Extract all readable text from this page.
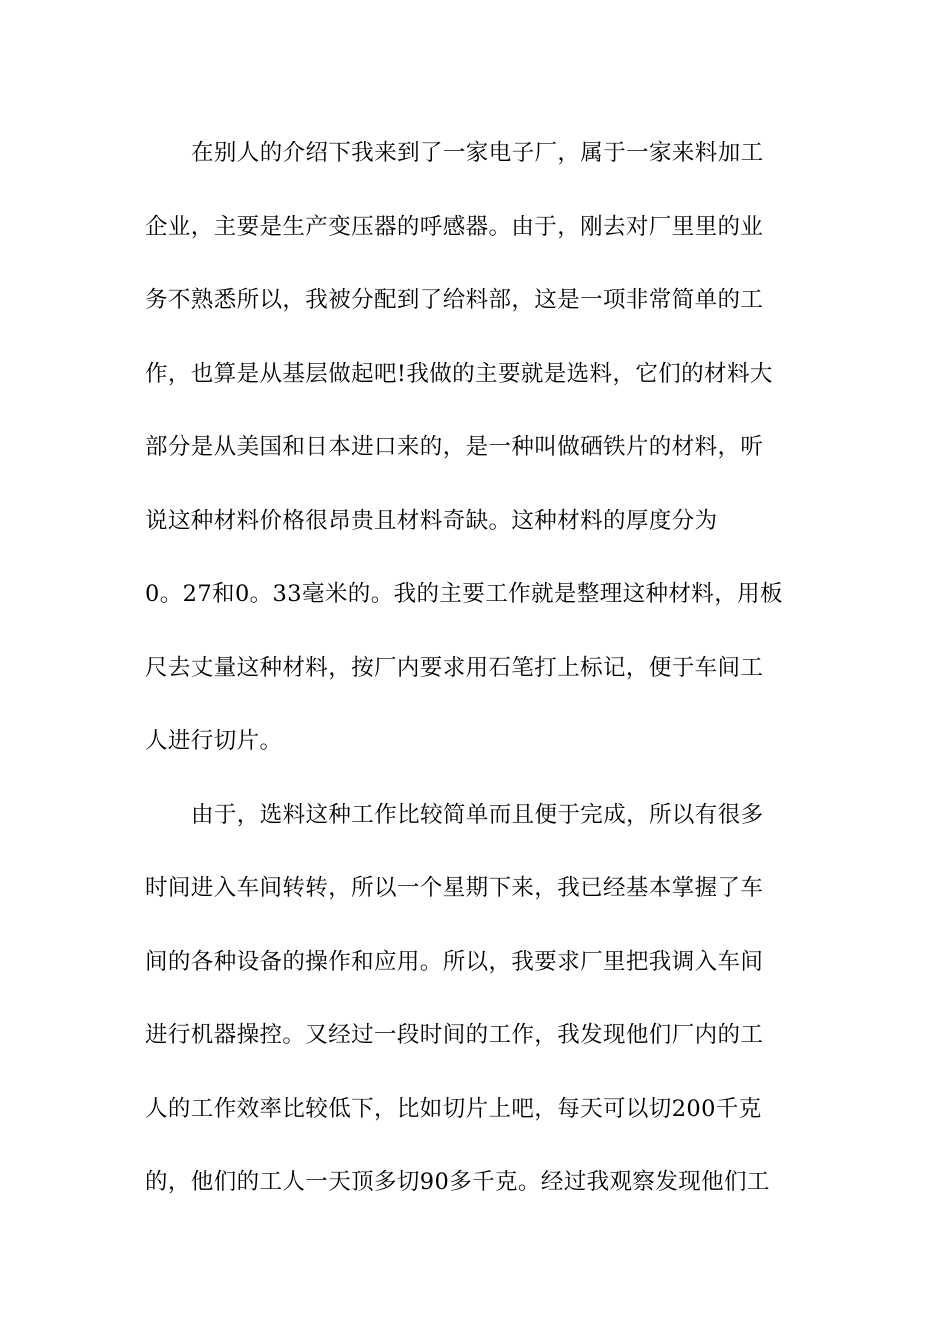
在别人的介绍下我来到了一家电子厂，属于一家来料加工
企业，主要是生产变压器的呼感器。由于，刚去对厂里里的业
务不熟悉所以，我被分配到了给料部，这是一项非常简单的工
作，也算是从基层做起吧!我做的主要就是选料，它们的材料大
部分是从美国和日本进口来的，是一种叫做硒铁片的材料，听
说这种材料价格很昂贵且材料奇缺。这种材料的厚度分为
0。27和0。33毫米的。我的主要工作就是整理这种材料，用板
尺去丈量这种材料，按厂内要求用石笔打上标记，便于车间工
人进行切片。
由于，选料这种工作比较简单而且便于完成，所以有很多
时间进入车间转转，所以一个星期下来，我已经基本掌握了车
间的各种设备的操作和应用。所以，我要求厂里把我调入车间
进行机器操控。又经过一段时间的工作，我发现他们厂内的工
人的工作效率比较低下，比如切片上吧，每天可以切200千克
的，他们的工人一天顶多切90多千克。经过我观察发现他们工
